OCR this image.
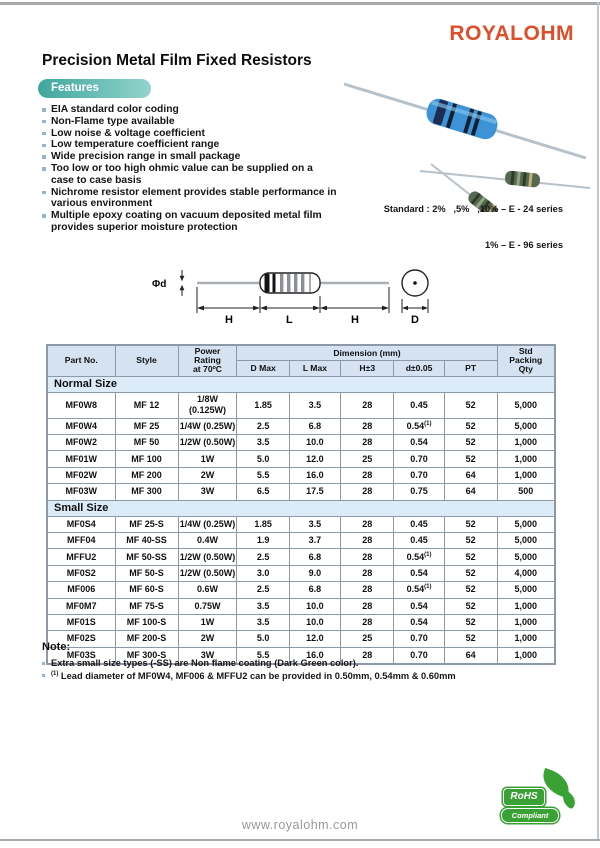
ROYALOHM
Precision Metal Film Fixed Resistors
Features
EIA standard color coding
Non-Flame type available
Low noise & voltage coefficient
Low temperature coefficient range
Wide precision range in small package
Too low or too high ohmic value can be supplied on a case to case basis
Nichrome resistor element provides stable performance in various environment
Multiple epoxy coating on vacuum deposited metal film provides superior moisture protection

Standard : 2%   ,5%   ,10% – E - 24 series

1% – E - 96 series

Φd
H	L	H	D
Part No.	Style	
Power
Rating
at 70ºC
	Dimension (mm)	Std
Packing
Qty

			D Max	L Max	H±3	d±0.05	PT	
Normal Size								
MF0W8	MF 12	1/8W (0.125W)	1.85	3.5	28	0.45	52	5,000
MF0W4	MF 25	1/4W (0.25W)	2.5	6.8	28	0.54$^{(1)}$	52	5,000
MF0W2	MF 50	1/2W (0.50W)	3.5	10.0	28	0.54	52	1,000
MF01W	MF 100	1W	5.0	12.0	25	0.70	52	1,000
MF02W	MF 200	2W	5.5	16.0	28	0.70	64	1,000
MF03W	MF 300	3W	6.5	17.5	28	0.75	64	500
Small Size								
MF0S4	MF 25-S	1/4W (0.25W)	1.85	3.5	28	0.45	52	5,000
MFF04	MF 40-SS	0.4W	1.9	3.7	28	0.45	52	5,000
MFFU2	MF 50-SS	1/2W (0.50W)	2.5	6.8	28	0.54$^{(1)}$	52	5,000
MF0S2	MF 50-S	1/2W (0.50W)	3.0	9.0	28	0.54	52	4,000
MF006	MF 60-S	0.6W	2.5	6.8	28	0.54$^{(1)}$	52	5,000
MF0M7	MF 75-S	0.75W	3.5	10.0	28	0.54	52	1,000
MF01S	MF 100-S	1W	3.5	10.0	28	0.54	52	1,000
MF02S	MF 200-S	2W	5.0	12.0	25	0.70	52	1,000
MF03S	MF 300-S	3W	5.5	16.0	28	0.70	64	1,000
Note:
Extra small size types (-SS) are Non flame coating (Dark Green color).
$^{(1)}$ Lead diameter of MF0W4, MF006 & MFFU2 can be provided in 0.50mm, 0.54mm & 0.60mm
www.royalohm.com
RoHS
Compliant
